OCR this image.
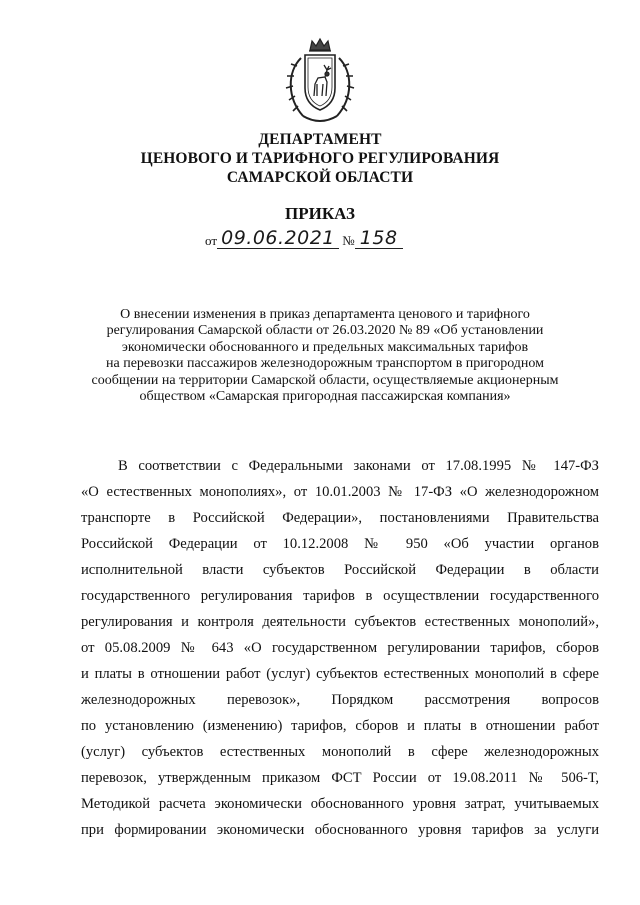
ДЕПАРТАМЕНТ
ЦЕНОВОГО И ТАРИФНОГО РЕГУЛИРОВАНИЯ
САМАРСКОЙ ОБЛАСТИ
ПРИКАЗ
от 09.06.2021 № 158
О внесении изменения в приказ департамента ценового и тарифного
регулирования Самарской области от 26.03.2020 № 89 «Об установлении
экономически обоснованного и предельных максимальных тарифов
на перевозки пассажиров железнодорожным транспортом в пригородном
сообщении на территории Самарской области, осуществляемые акционерным
обществом «Самарская пригородная пассажирская компания»
В соответствии с Федеральными законами от 17.08.1995 № 147-ФЗ
«О естественных монополиях», от 10.01.2003 № 17-ФЗ «О железнодорожном
транспорте в Российской Федерации», постановлениями Правительства
Российской Федерации от 10.12.2008 № 950 «Об участии органов
исполнительной власти субъектов Российской Федерации в области
государственного регулирования тарифов в осуществлении государственного
регулирования и контроля деятельности субъектов естественных монополий»,
от 05.08.2009 № 643 «О государственном регулировании тарифов, сборов
и платы в отношении работ (услуг) субъектов естественных монополий в сфере
железнодорожных перевозок», Порядком рассмотрения вопросов
по установлению (изменению) тарифов, сборов и платы в отношении работ
(услуг) субъектов естественных монополий в сфере железнодорожных
перевозок, утвержденным приказом ФСТ России от 19.08.2011 № 506-Т,
Методикой расчета экономически обоснованного уровня затрат, учитываемых
при формировании экономически обоснованного уровня тарифов за услуги
